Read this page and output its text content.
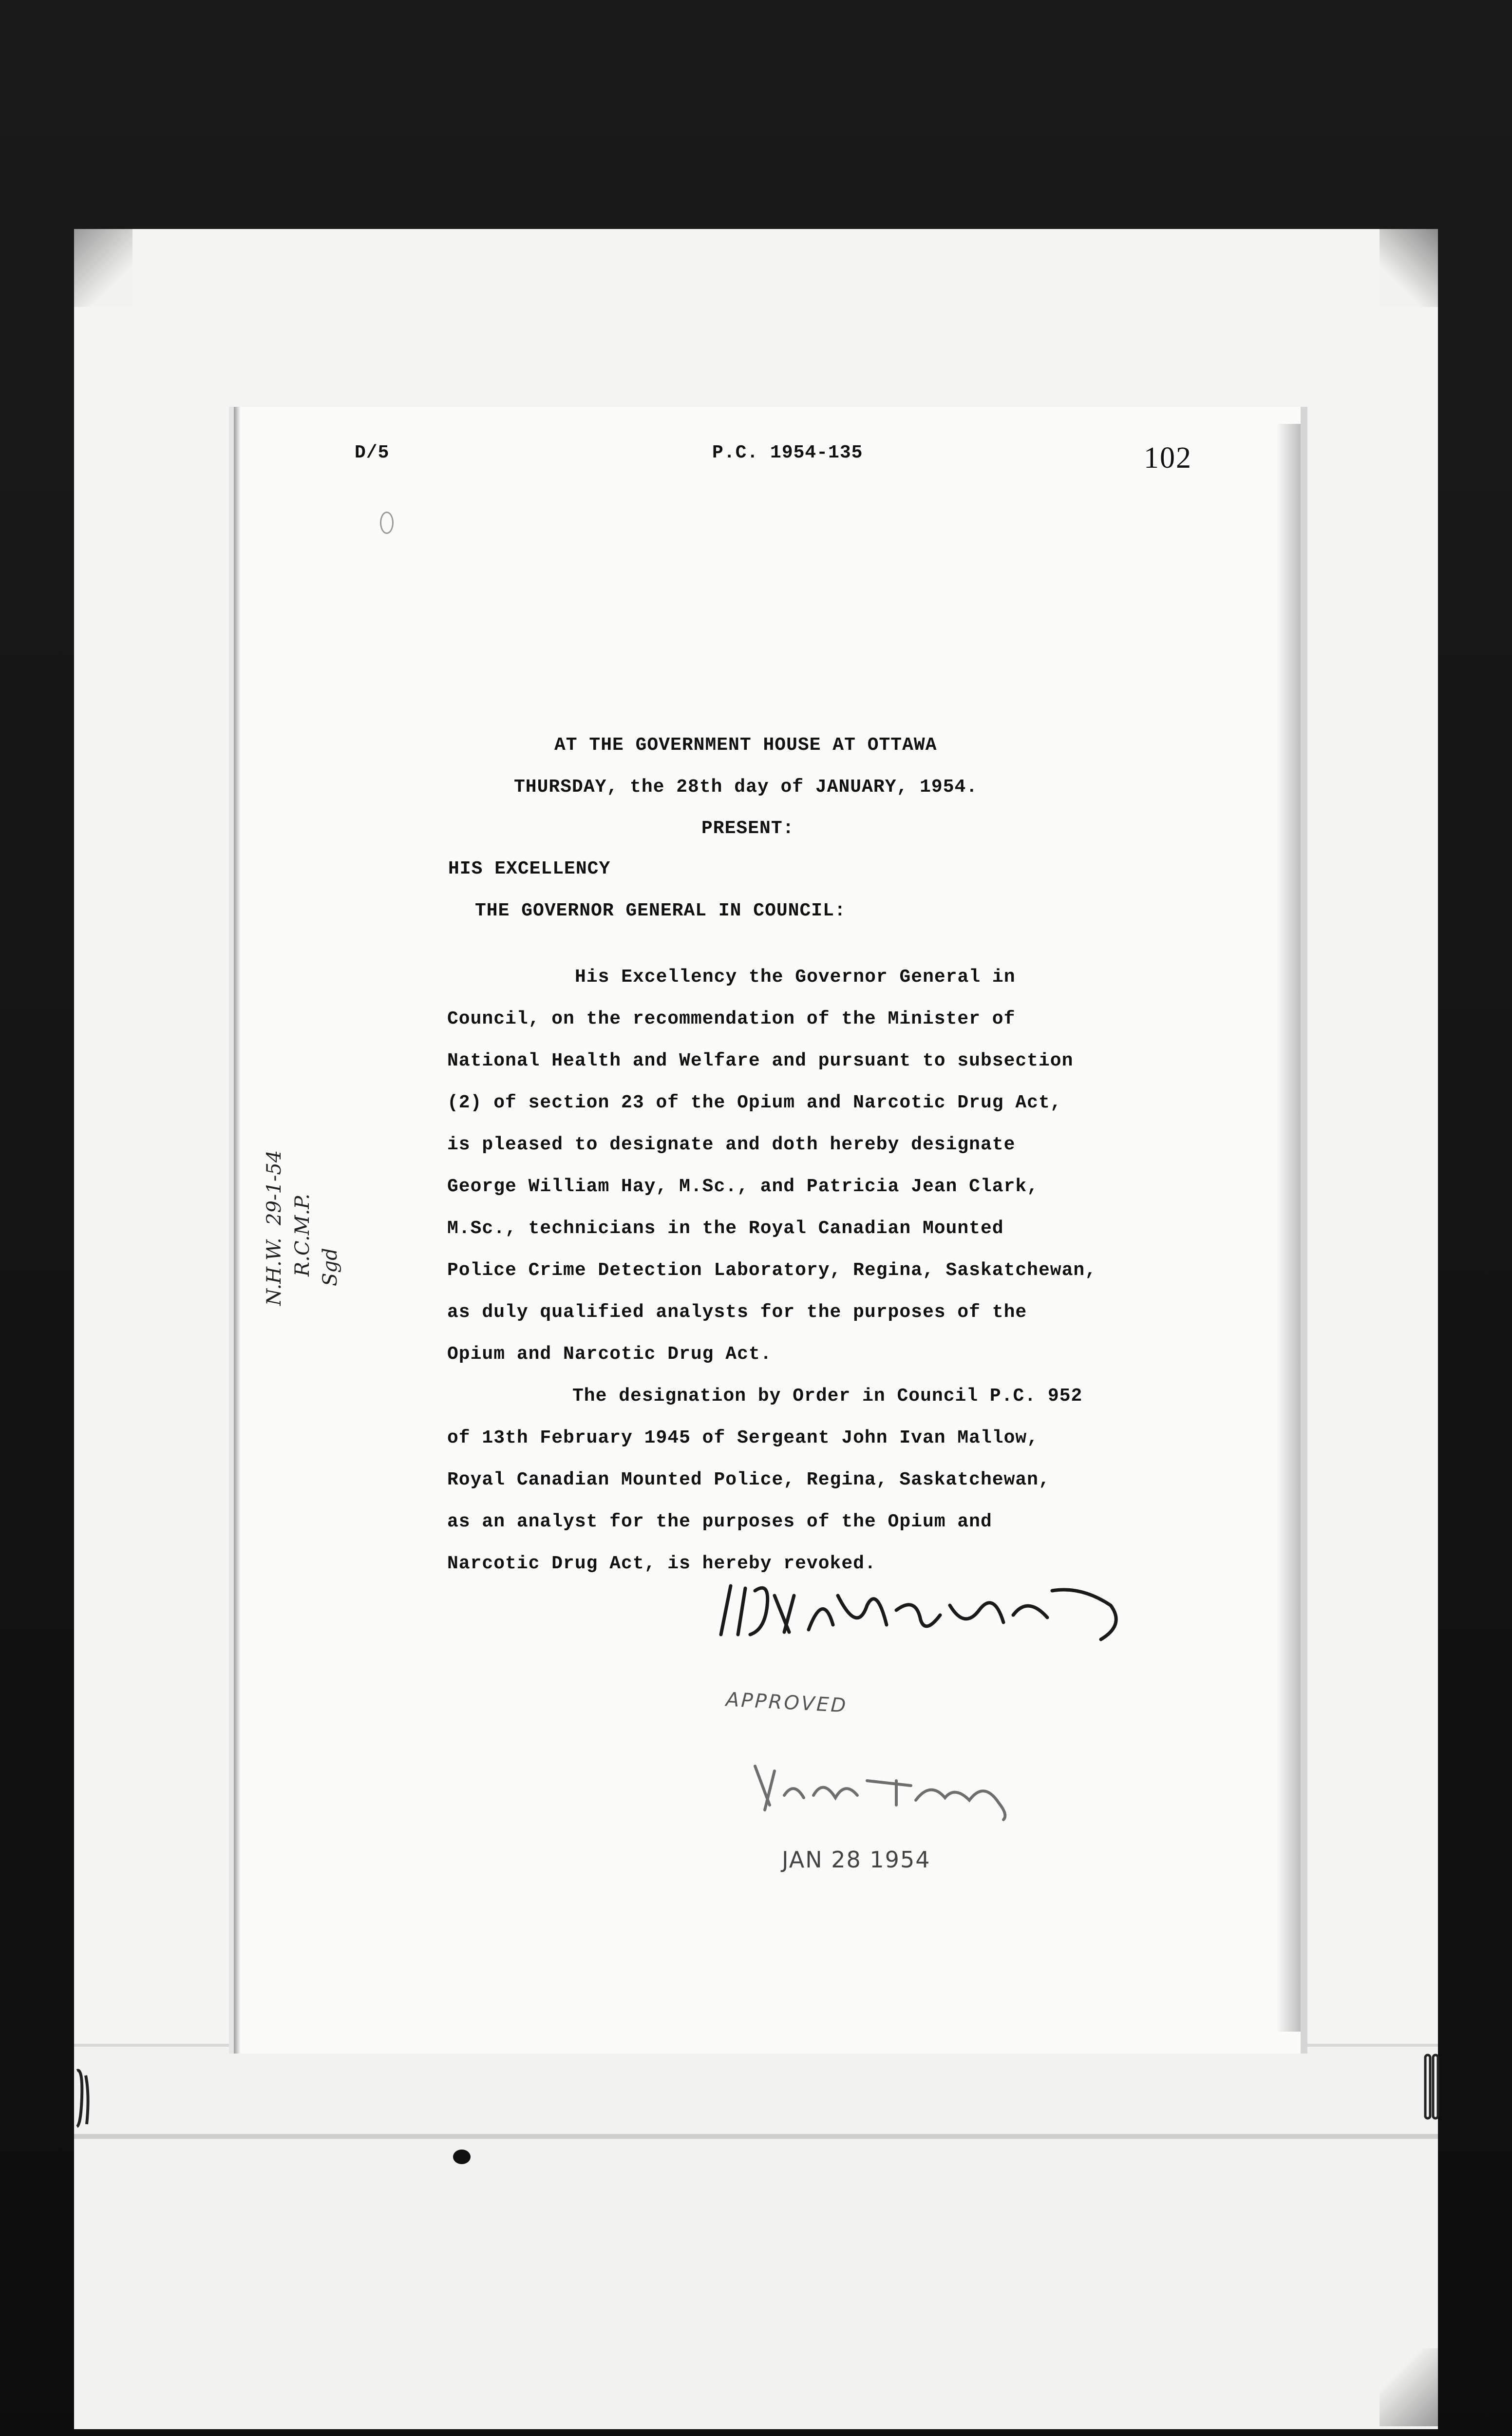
D/5	P.C. 1954-135	102
AT THE GOVERNMENT HOUSE AT OTTAWA
THURSDAY, the 28th day of JANUARY, 1954.
PRESENT:
HIS EXCELLENCY
THE GOVERNOR GENERAL IN COUNCIL:
His Excellency the Governor General in
Council, on the recommendation of the Minister of
National Health and Welfare and pursuant to subsection
(2) of section 23 of the Opium and Narcotic Drug Act,
is pleased to designate and doth hereby designate
George William Hay, M.Sc., and Patricia Jean Clark,
M.Sc., technicians in the Royal Canadian Mounted
Police Crime Detection Laboratory, Regina, Saskatchewan,
as duly qualified analysts for the purposes of the
Opium and Narcotic Drug Act.
The designation by Order in Council P.C. 952
of 13th February 1945 of Sergeant John Ivan Mallow,
Royal Canadian Mounted Police, Regina, Saskatchewan,
as an analyst for the purposes of the Opium and
Narcotic Drug Act, is hereby revoked.
N.H.W.  29-1-54 R.C.M.P. Sgd
APPROVED
JAN 28 1954
